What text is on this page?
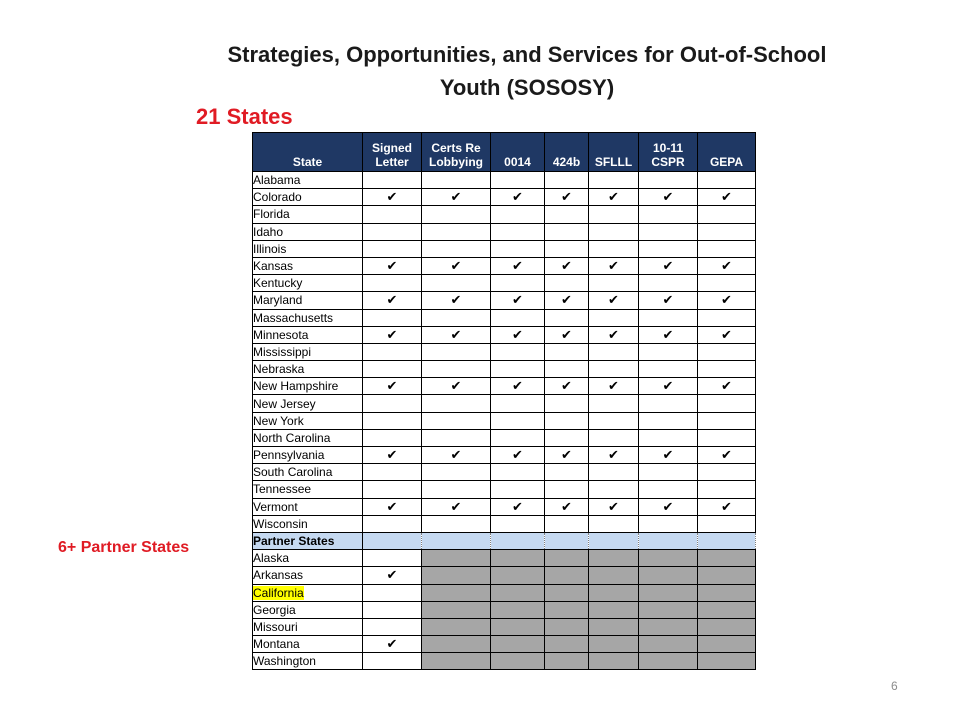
Strategies, Opportunities, and Services for Out-of-School Youth (SOSOSY)
21 States
6+ Partner States
6
State	Signed Letter	Certs Re Lobbying	0014	424b	SFLLL	10-11 CSPR	GEPA
Alabama							
Colorado	✔	✔	✔	✔	✔	✔	✔
Florida							
Idaho							
Illinois							
Kansas	✔	✔	✔	✔	✔	✔	✔
Kentucky							
Maryland	✔	✔	✔	✔	✔	✔	✔
Massachusetts							
Minnesota	✔	✔	✔	✔	✔	✔	✔
Mississippi							
Nebraska							
New Hampshire	✔	✔	✔	✔	✔	✔	✔
New Jersey							
New York							
North Carolina							
Pennsylvania	✔	✔	✔	✔	✔	✔	✔
South Carolina							
Tennessee							
Vermont	✔	✔	✔	✔	✔	✔	✔
Wisconsin							
Partner States							
Alaska							
Arkansas	✔						
California							
Georgia							
Missouri							
Montana	✔						
Washington							
